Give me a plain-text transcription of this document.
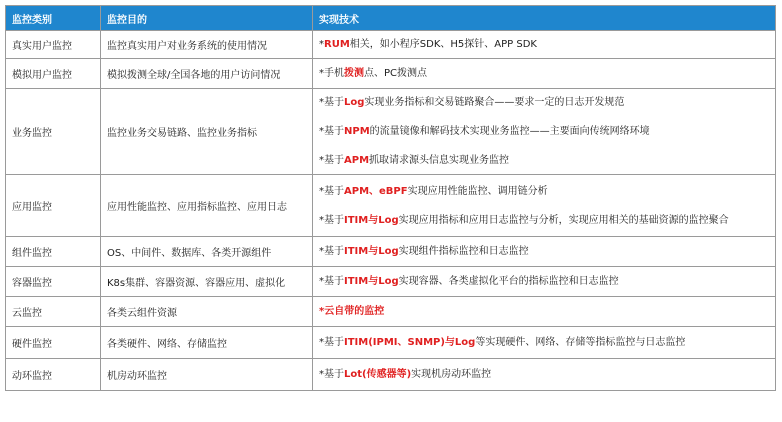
监控类别	监控目的	实现技术
真实用户监控	监控真实用户对业务系统的使用情况	*RUM相关，如小程序SDK、H5探针、APP SDK

模拟用户监控	模拟拨测全球/全国各地的用户访问情况	*手机拨测点、PC拨测点

业务监控	监控业务交易链路、监控业务指标	*基于Log实现业务指标和交易链路聚合——要求一定的日志开发规范
*基于NPM的流量镜像和解码技术实现业务监控——主要面向传统网络环境
*基于APM抓取请求源头信息实现业务监控

应用监控	应用性能监控、应用指标监控、应用日志	*基于APM、eBPF实现应用性能监控、调用链分析
*基于ITIM与Log实现应用指标和应用日志监控与分析，实现应用相关的基础资源的监控聚合

组件监控	OS、中间件、数据库、各类开源组件	*基于ITIM与Log实现组件指标监控和日志监控

容器监控	K8s集群、容器资源、容器应用、虚拟化	*基于ITIM与Log实现容器、各类虚拟化平台的指标监控和日志监控

云监控	各类云组件资源	*云自带的监控

硬件监控	各类硬件、网络、存储监控	*基于ITIM(IPMI、SNMP)与Log等实现硬件、网络、存储等指标监控与日志监控

动环监控	机房动环监控	*基于Lot(传感器等)实现机房动环监控
